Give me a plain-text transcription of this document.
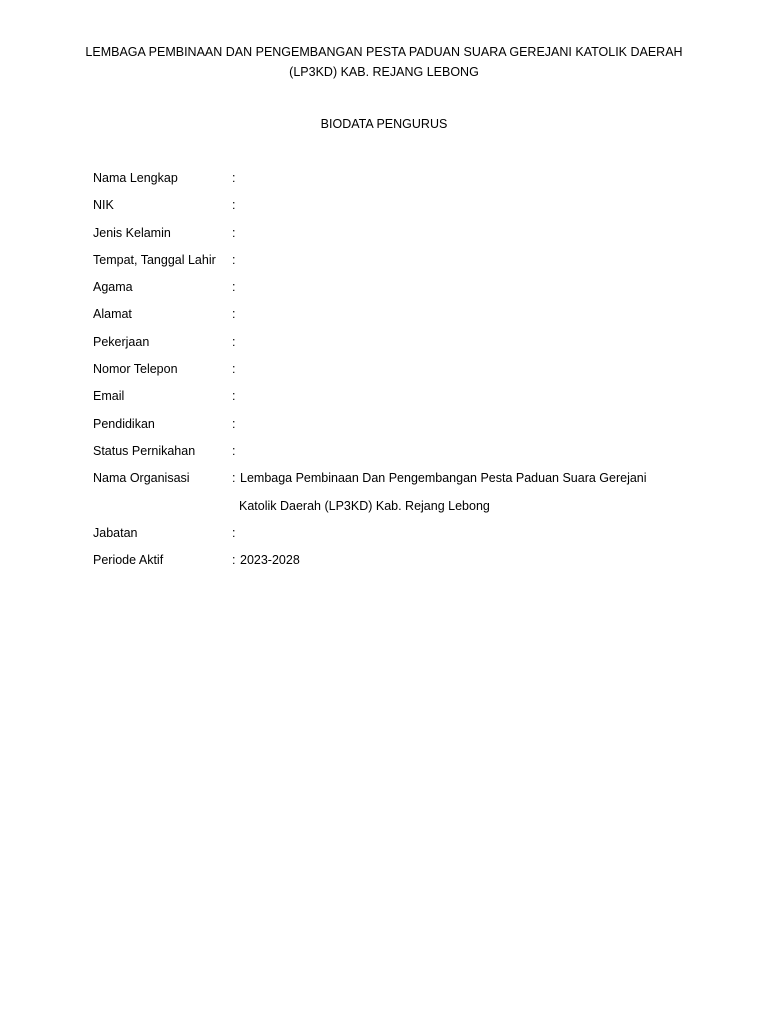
LEMBAGA PEMBINAAN DAN PENGEMBANGAN PESTA PADUAN SUARA GEREJANI KATOLIK DAERAH
(LP3KD) KAB. REJANG LEBONG
BIODATA PENGURUS
Nama Lengkap	:
NIK	:
Jenis Kelamin	:
Tempat, Tanggal Lahir :
Agama	:
Alamat	:
Pekerjaan	:
Nomor Telepon	:
Email	:
Pendidikan	:
Status Pernikahan	:
Nama Organisasi	: Lembaga Pembinaan Dan Pengembangan Pesta Paduan Suara Gerejani
Katolik Daerah (LP3KD) Kab. Rejang Lebong
Jabatan	:
Periode Aktif	: 2023-2028
